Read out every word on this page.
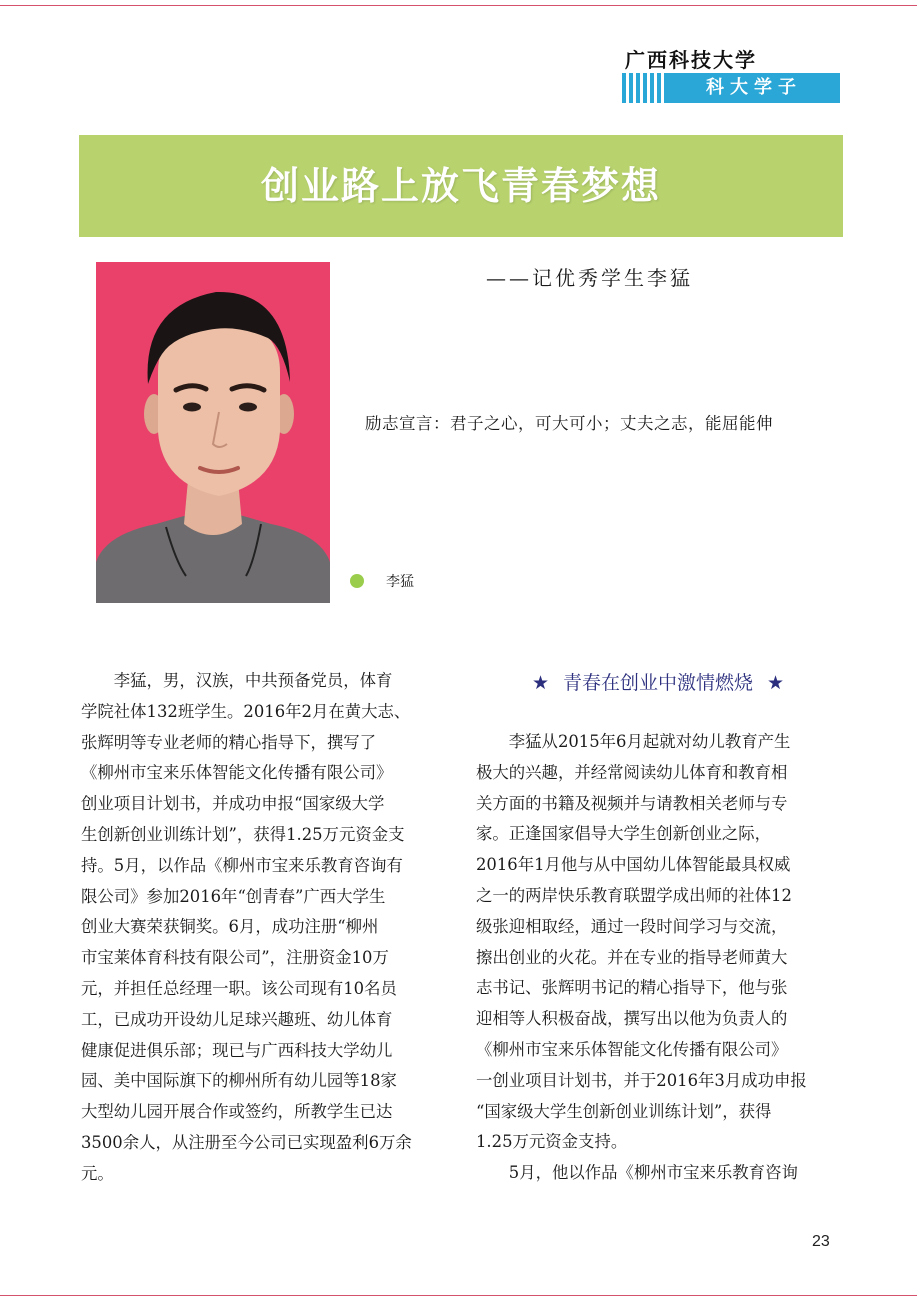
广西科技大学
科大学子
创业路上放飞青春梦想
——记优秀学生李猛
励志宣言：君子之心，可大可小；丈夫之志，能屈能伸
李猛
　　李猛，男，汉族，中共预备党员，体育
学院社体132班学生。2016年2月在黄大志、
张辉明等专业老师的精心指导下，撰写了
《柳州市宝来乐体智能文化传播有限公司》
创业项目计划书，并成功申报“国家级大学
生创新创业训练计划”，获得1.25万元资金支
持。5月，以作品《柳州市宝来乐教育咨询有
限公司》参加2016年“创青春”广西大学生
创业大赛荣获铜奖。6月，成功注册“柳州
市宝莱体育科技有限公司”，注册资金10万
元，并担任总经理一职。该公司现有10名员
工，已成功开设幼儿足球兴趣班、幼儿体育
健康促进俱乐部；现已与广西科技大学幼儿
园、美中国际旗下的柳州所有幼儿园等18家
大型幼儿园开展合作或签约，所教学生已达
3500余人，从注册至今公司已实现盈利6万余
元。
★ 青春在创业中激情燃烧 ★
　　李猛从2015年6月起就对幼儿教育产生
极大的兴趣，并经常阅读幼儿体育和教育相
关方面的书籍及视频并与请教相关老师与专
家。正逢国家倡导大学生创新创业之际，
2016年1月他与从中国幼儿体智能最具权威
之一的两岸快乐教育联盟学成出师的社体12
级张迎相取经，通过一段时间学习与交流，
擦出创业的火花。并在专业的指导老师黄大
志书记、张辉明书记的精心指导下，他与张
迎相等人积极奋战，撰写出以他为负责人的
《柳州市宝来乐体智能文化传播有限公司》
一创业项目计划书，并于2016年3月成功申报
“国家级大学生创新创业训练计划”，获得
1.25万元资金支持。
　　5月，他以作品《柳州市宝来乐教育咨询
23
